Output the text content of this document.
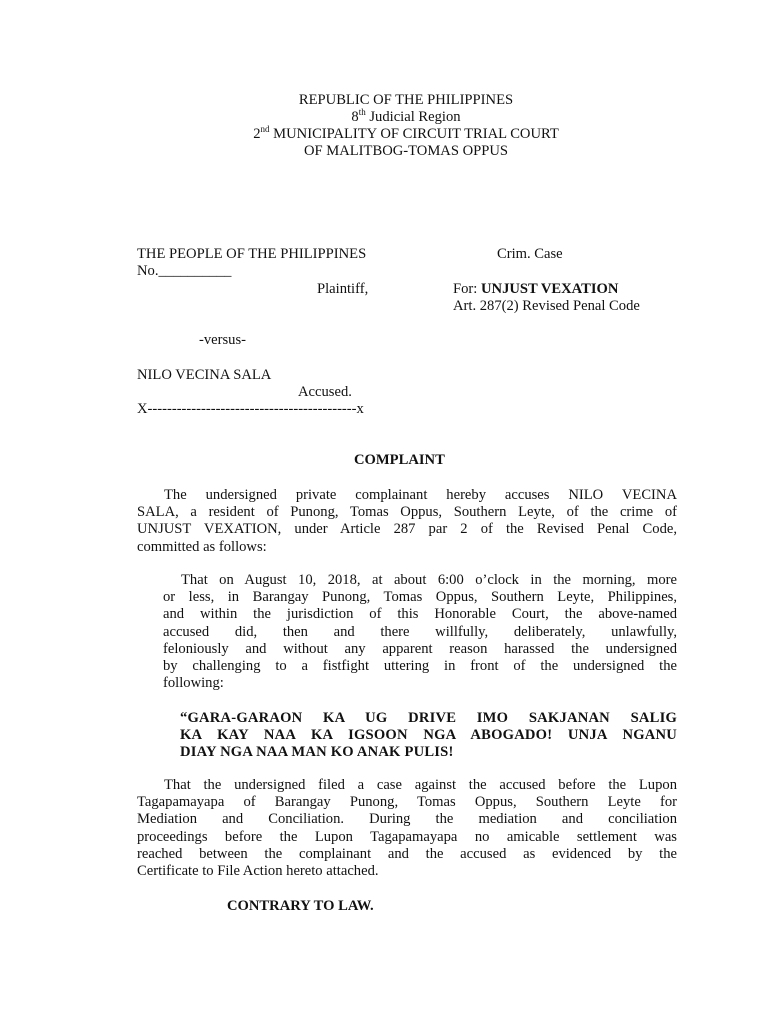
REPUBLIC OF THE PHILIPPINES
8th Judicial Region
2nd MUNICIPALITY OF CIRCUIT TRIAL COURT
OF MALITBOG-TOMAS OPPUS
THE PEOPLE OF THE PHILIPPINES	Crim. Case
No.__________
Plaintiff,	For: UNJUST VEXATION
Art. 287(2) Revised Penal Code
-versus-
NILO VECINA SALA
Accused.
X-------------------------------------------x
COMPLAINT
The undersigned private complainant hereby accuses NILO VECINA
SALA, a resident of Punong, Tomas Oppus, Southern Leyte, of the crime of
UNJUST VEXATION, under Article 287 par 2 of the Revised Penal Code,
committed as follows:
That on August 10, 2018, at about 6:00 o’clock in the morning, more
or less, in Barangay Punong, Tomas Oppus, Southern Leyte, Philippines,
and within the jurisdiction of this Honorable Court, the above-named
accused did, then and there willfully, deliberately, unlawfully,
feloniously and without any apparent reason harassed the undersigned
by challenging to a fistfight uttering in front of the undersigned the
following:
“GARA-GARAON KA UG DRIVE IMO SAKJANAN SALIG
KA KAY NAA KA IGSOON NGA ABOGADO! UNJA NGANU
DIAY NGA NAA MAN KO ANAK PULIS!
That the undersigned filed a case against the accused before the Lupon
Tagapamayapa of Barangay Punong, Tomas Oppus, Southern Leyte for
Mediation and Conciliation. During the mediation and conciliation
proceedings before the Lupon Tagapamayapa no amicable settlement was
reached between the complainant and the accused as evidenced by the
Certificate to File Action hereto attached.
CONTRARY TO LAW.
